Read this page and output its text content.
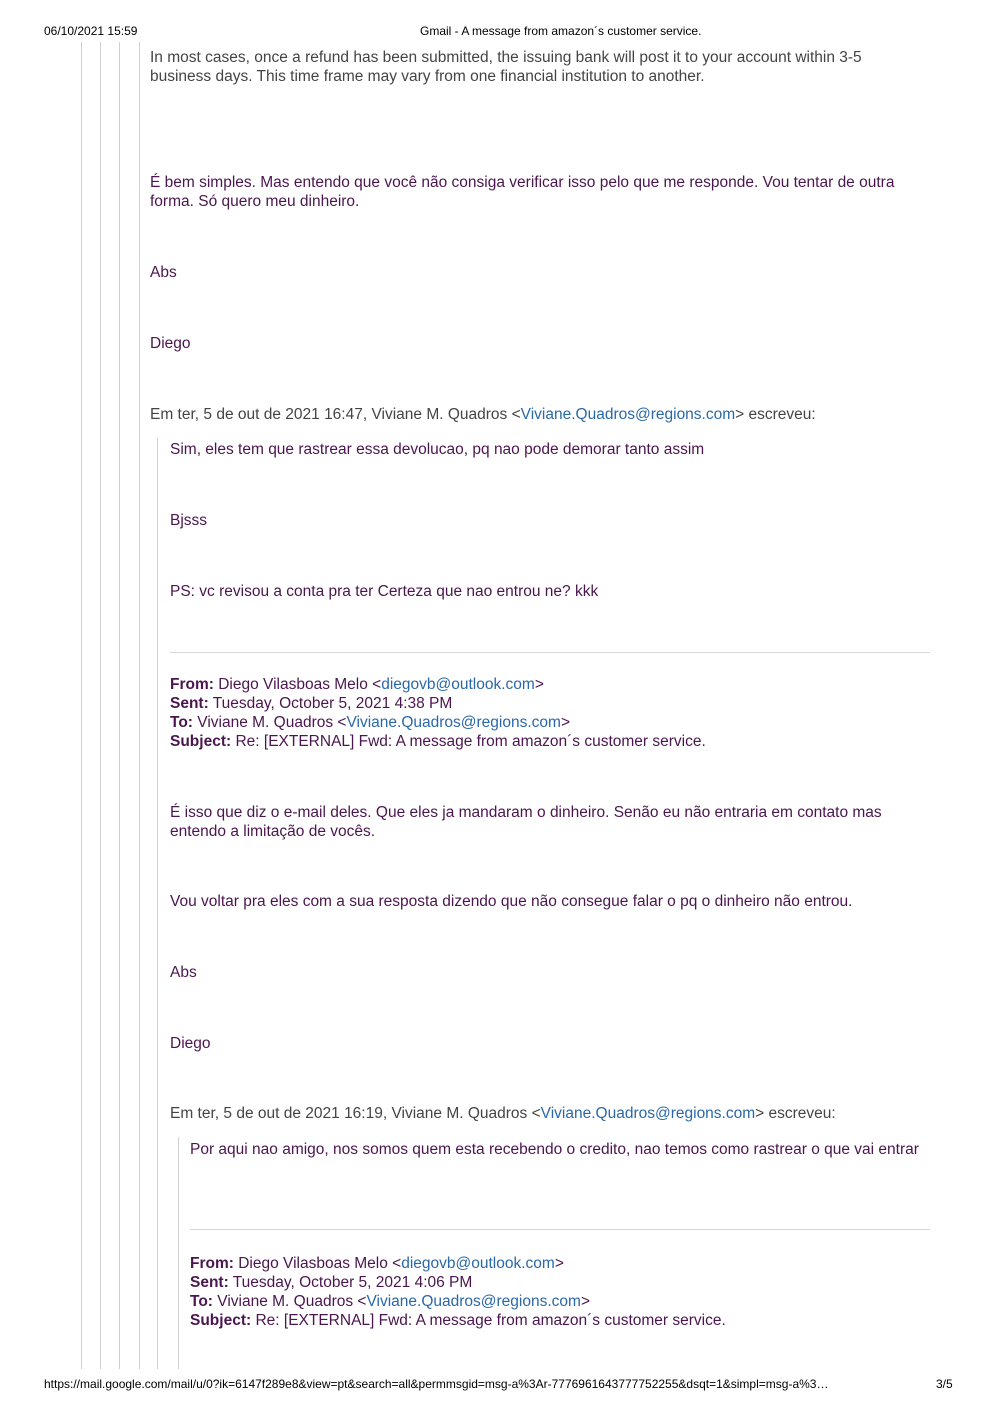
06/10/2021 15:59	Gmail - A message from amazon´s customer service.
In most cases, once a refund has been submitted, the issuing bank will post it to your account within 3-5 business days. This time frame may vary from one financial institution to another.
É bem simples. Mas entendo que você não consiga verificar isso pelo que me responde. Vou tentar de outra forma. Só quero meu dinheiro.
Abs
Diego
Em ter, 5 de out de 2021 16:47, Viviane M. Quadros <Viviane.Quadros@regions.com> escreveu:
Sim, eles tem que rastrear essa devolucao, pq nao pode demorar tanto assim
Bjsss
PS: vc revisou a conta pra ter Certeza que nao entrou ne? kkk
From: Diego Vilasboas Melo <diegovb@outlook.com>
Sent: Tuesday, October 5, 2021 4:38 PM
To: Viviane M. Quadros <Viviane.Quadros@regions.com>
Subject: Re: [EXTERNAL] Fwd: A message from amazon´s customer service.
É isso que diz o e-mail deles. Que eles ja mandaram o dinheiro. Senão eu não entraria em contato mas entendo a limitação de vocês.
Vou voltar pra eles com a sua resposta dizendo que não consegue falar o pq o dinheiro não entrou.
Abs
Diego
Em ter, 5 de out de 2021 16:19, Viviane M. Quadros <Viviane.Quadros@regions.com> escreveu:
Por aqui nao amigo, nos somos quem esta recebendo o credito, nao temos como rastrear o que vai entrar
From: Diego Vilasboas Melo <diegovb@outlook.com>
Sent: Tuesday, October 5, 2021 4:06 PM
To: Viviane M. Quadros <Viviane.Quadros@regions.com>
Subject: Re: [EXTERNAL] Fwd: A message from amazon´s customer service.
https://mail.google.com/mail/u/0?ik=6147f289e8&view=pt&search=all&permmsgid=msg-a%3Ar-7776961643777752255&dsqt=1&simpl=msg-a%3…	3/5
